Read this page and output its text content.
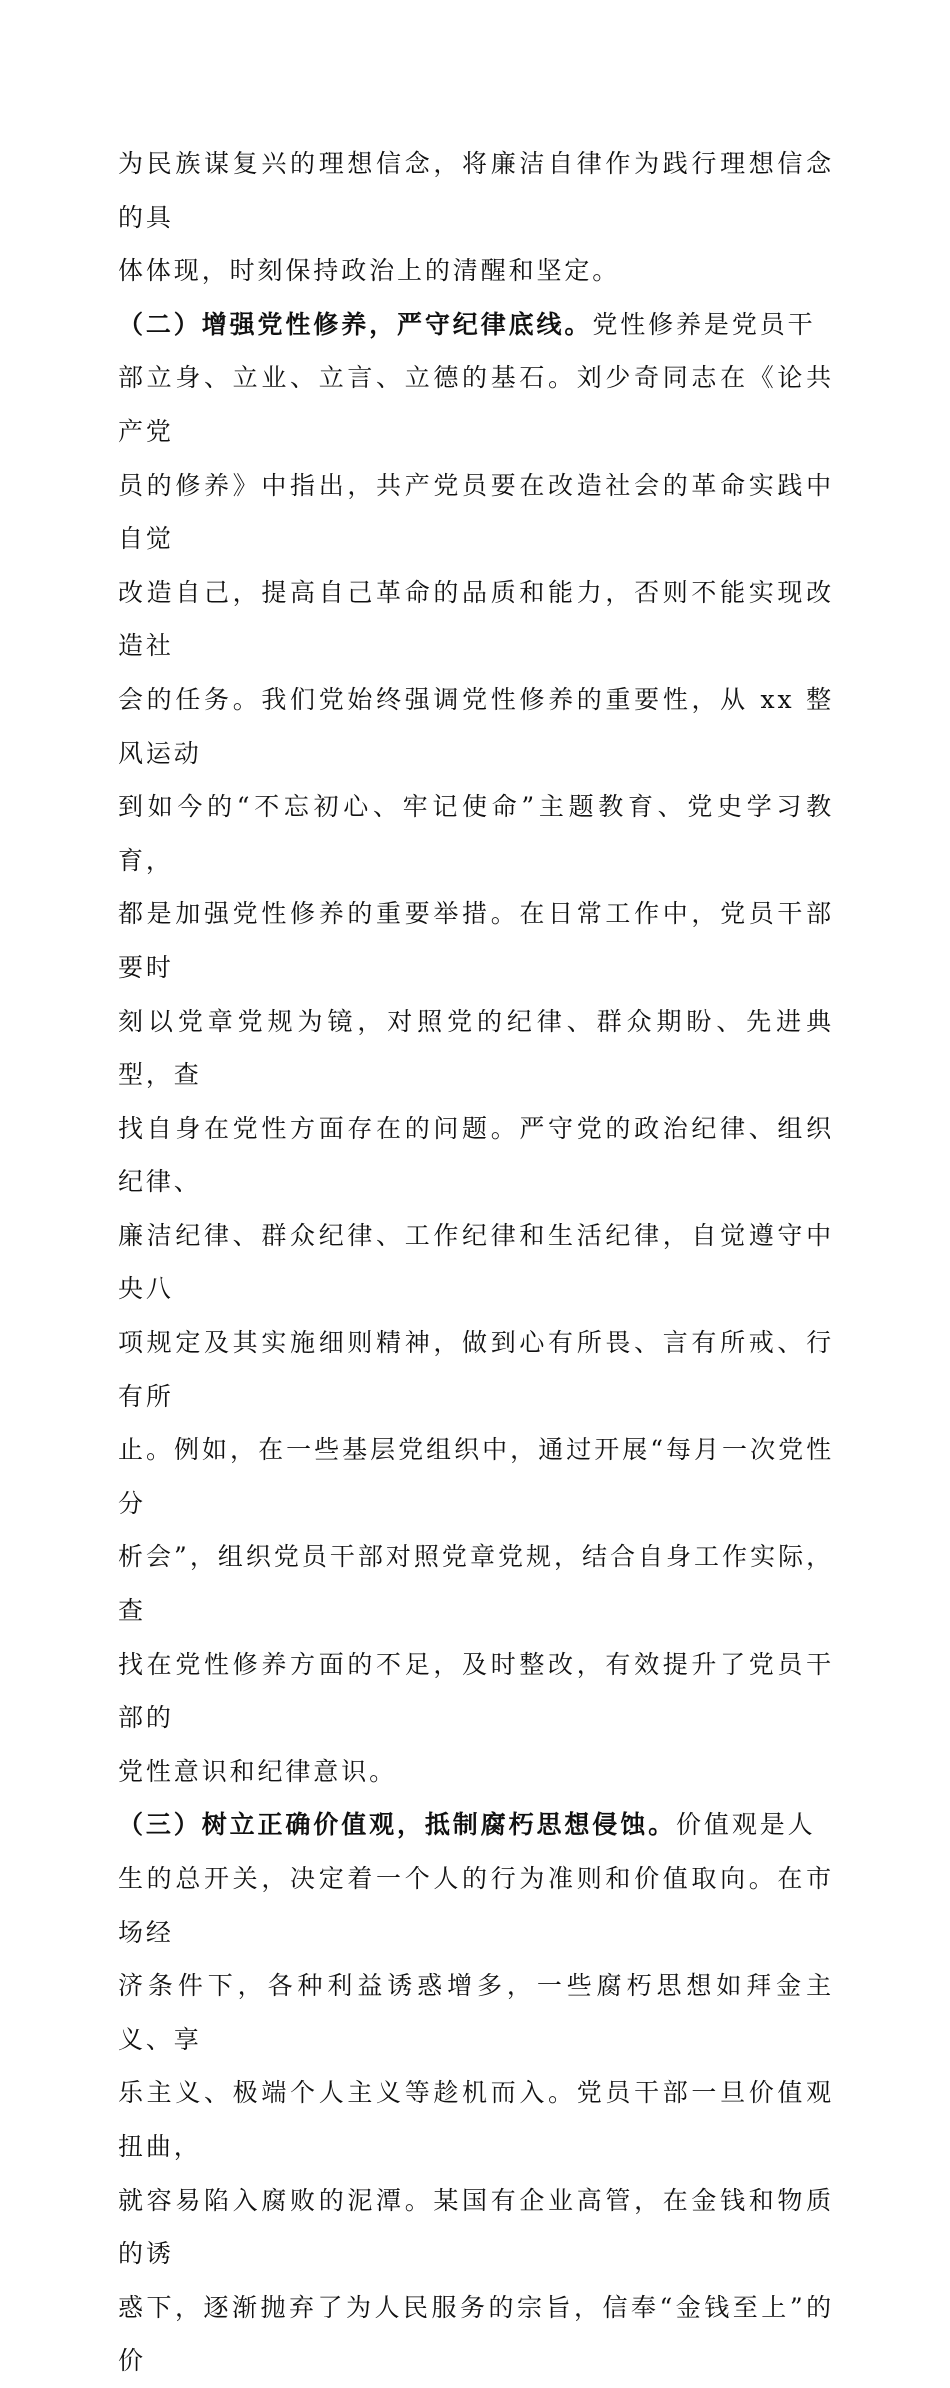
为民族谋复兴的理想信念，将廉洁自律作为践行理想信念的具
体体现，时刻保持政治上的清醒和坚定。

（二）增强党性修养，严守纪律底线。党性修养是党员干
部立身、立业、立言、立德的基石。刘少奇同志在《论共产党
员的修养》中指出，共产党员要在改造社会的革命实践中自觉
改造自己，提高自己革命的品质和能力，否则不能实现改造社
会的任务。我们党始终强调党性修养的重要性，从 xx 整风运动
到如今的“不忘初心、牢记使命”主题教育、党史学习教育，
都是加强党性修养的重要举措。在日常工作中，党员干部要时
刻以党章党规为镜，对照党的纪律、群众期盼、先进典型，查
找自身在党性方面存在的问题。严守党的政治纪律、组织纪律、
廉洁纪律、群众纪律、工作纪律和生活纪律，自觉遵守中央八
项规定及其实施细则精神，做到心有所畏、言有所戒、行有所
止。例如，在一些基层党组织中，通过开展“每月一次党性分
析会”，组织党员干部对照党章党规，结合自身工作实际，查
找在党性修养方面的不足，及时整改，有效提升了党员干部的
党性意识和纪律意识。

（三）树立正确价值观，抵制腐朽思想侵蚀。价值观是人
生的总开关，决定着一个人的行为准则和价值取向。在市场经
济条件下，各种利益诱惑增多，一些腐朽思想如拜金主义、享
乐主义、极端个人主义等趁机而入。党员干部一旦价值观扭曲，
就容易陷入腐败的泥潭。某国有企业高管，在金钱和物质的诱
惑下，逐渐抛弃了为人民服务的宗旨，信奉“金钱至上”的价
